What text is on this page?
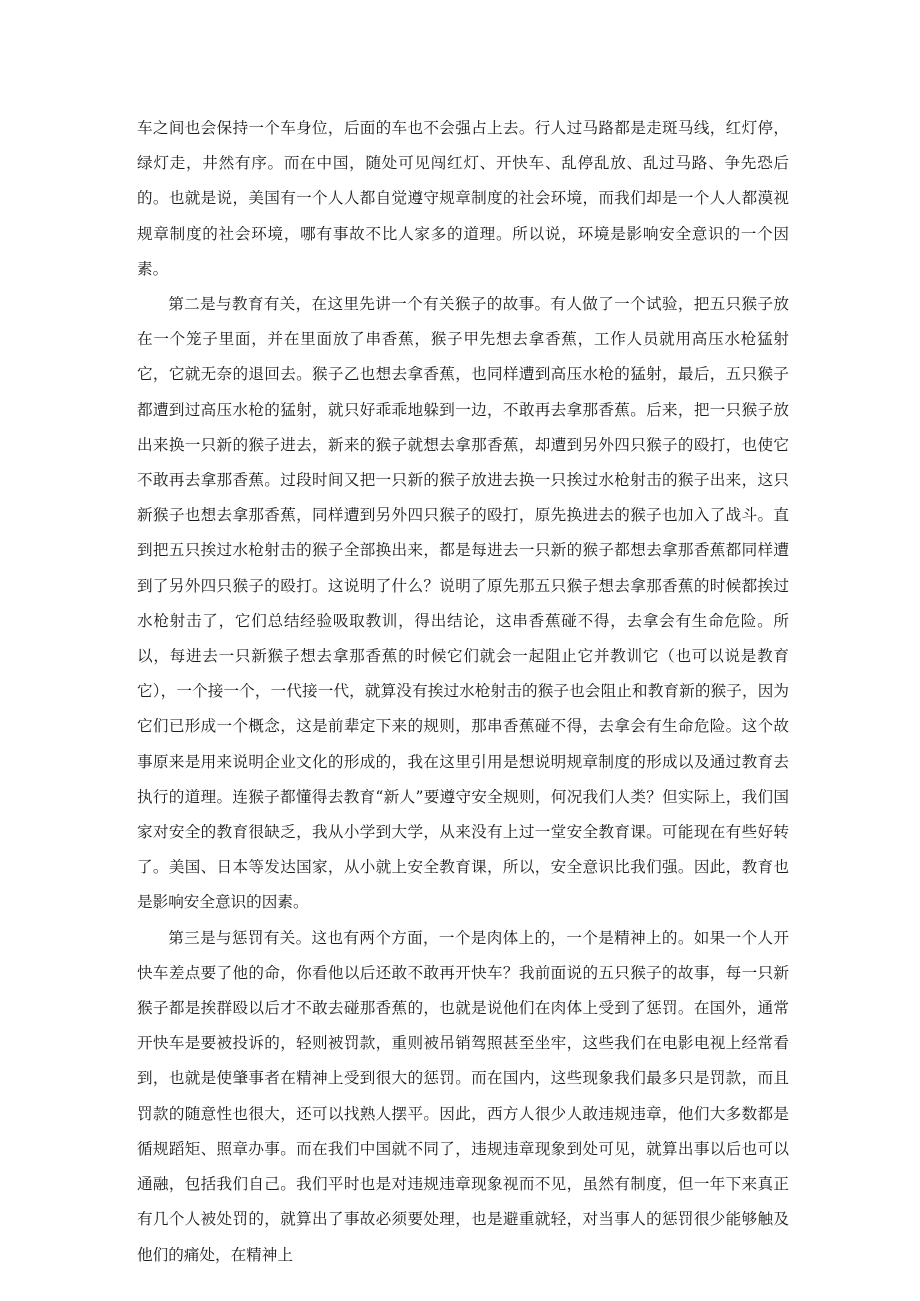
车之间也会保持一个车身位，后面的车也不会强占上去。行人过马路都是走斑马线，红灯停，绿灯走，井然有序。而在中国，随处可见闯红灯、开快车、乱停乱放、乱过马路、争先恐后的。也就是说，美国有一个人人都自觉遵守规章制度的社会环境，而我们却是一个人人都漠视规章制度的社会环境，哪有事故不比人家多的道理。所以说，环境是影响安全意识的一个因素。

第二是与教育有关，在这里先讲一个有关猴子的故事。有人做了一个试验，把五只猴子放在一个笼子里面，并在里面放了串香蕉，猴子甲先想去拿香蕉，工作人员就用高压水枪猛射它，它就无奈的退回去。猴子乙也想去拿香蕉，也同样遭到高压水枪的猛射，最后，五只猴子都遭到过高压水枪的猛射，就只好乖乖地躲到一边，不敢再去拿那香蕉。后来，把一只猴子放出来换一只新的猴子进去，新来的猴子就想去拿那香蕉，却遭到另外四只猴子的殴打，也使它不敢再去拿那香蕉。过段时间又把一只新的猴子放进去换一只挨过水枪射击的猴子出来，这只新猴子也想去拿那香蕉，同样遭到另外四只猴子的殴打，原先换进去的猴子也加入了战斗。直到把五只挨过水枪射击的猴子全部换出来，都是每进去一只新的猴子都想去拿那香蕉都同样遭到了另外四只猴子的殴打。这说明了什么？说明了原先那五只猴子想去拿那香蕉的时候都挨过水枪射击了，它们总结经验吸取教训，得出结论，这串香蕉碰不得，去拿会有生命危险。所以，每进去一只新猴子想去拿那香蕉的时候它们就会一起阻止它并教训它（也可以说是教育它），一个接一个，一代接一代，就算没有挨过水枪射击的猴子也会阻止和教育新的猴子，因为它们已形成一个概念，这是前辈定下来的规则，那串香蕉碰不得，去拿会有生命危险。这个故事原来是用来说明企业文化的形成的，我在这里引用是想说明规章制度的形成以及通过教育去执行的道理。连猴子都懂得去教育“新人”要遵守安全规则，何况我们人类？但实际上，我们国家对安全的教育很缺乏，我从小学到大学，从来没有上过一堂安全教育课。可能现在有些好转了。美国、日本等发达国家，从小就上安全教育课，所以，安全意识比我们强。因此，教育也是影响安全意识的因素。

第三是与惩罚有关。这也有两个方面，一个是肉体上的，一个是精神上的。如果一个人开快车差点要了他的命，你看他以后还敢不敢再开快车？我前面说的五只猴子的故事，每一只新猴子都是挨群殴以后才不敢去碰那香蕉的，也就是说他们在肉体上受到了惩罚。在国外，通常开快车是要被投诉的，轻则被罚款，重则被吊销驾照甚至坐牢，这些我们在电影电视上经常看到，也就是使肇事者在精神上受到很大的惩罚。而在国内，这些现象我们最多只是罚款，而且罚款的随意性也很大，还可以找熟人摆平。因此，西方人很少人敢违规违章，他们大多数都是循规蹈矩、照章办事。而在我们中国就不同了，违规违章现象到处可见，就算出事以后也可以通融，包括我们自己。我们平时也是对违规违章现象视而不见，虽然有制度，但一年下来真正有几个人被处罚的，就算出了事故必须要处理，也是避重就轻，对当事人的惩罚很少能够触及他们的痛处，在精神上
